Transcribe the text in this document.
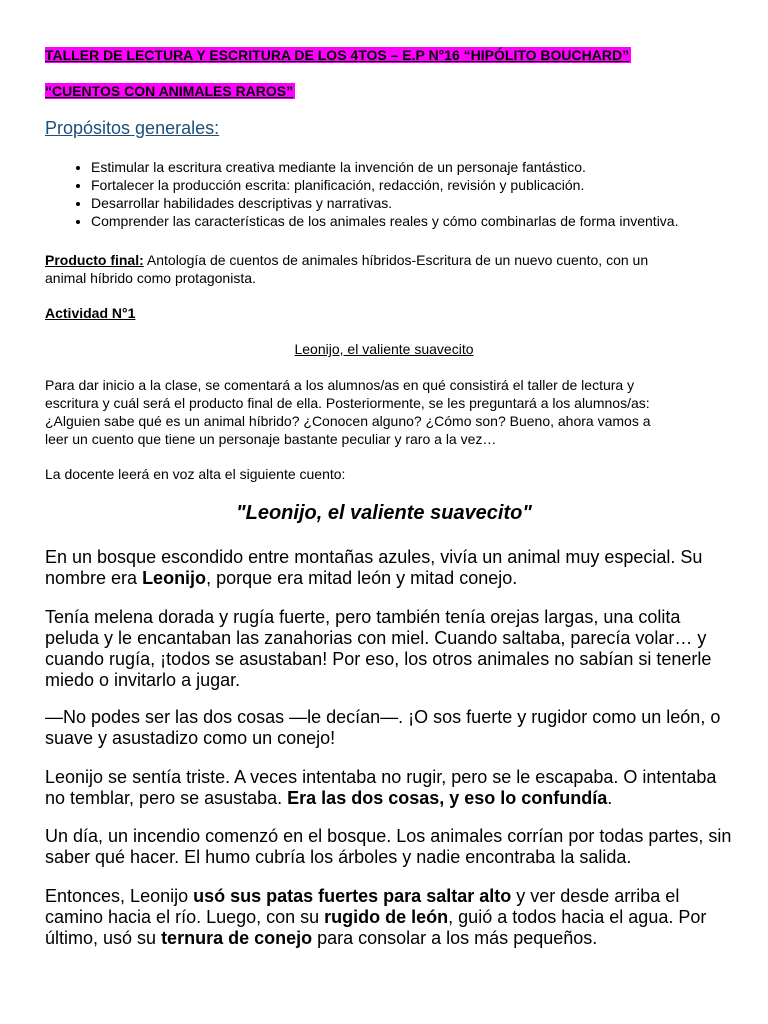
TALLER DE LECTURA Y ESCRITURA DE LOS 4TOS – E.P N°16 “HIPÓLITO BOUCHARD”
“CUENTOS CON ANIMALES RAROS”
Propósitos generales:
• Estimular la escritura creativa mediante la invención de un personaje fantástico.
• Fortalecer la producción escrita: planificación, redacción, revisión y publicación.
• Desarrollar habilidades descriptivas y narrativas.
• Comprender las características de los animales reales y cómo combinarlas de forma inventiva.
Producto final: Antología de cuentos de animales híbridos-Escritura de un nuevo cuento, con un
animal híbrido como protagonista.
Actividad N°1
Leonijo, el valiente suavecito
Para dar inicio a la clase, se comentará a los alumnos/as en qué consistirá el taller de lectura y
escritura y cuál será el producto final de ella. Posteriormente, se les preguntará a los alumnos/as:
¿Alguien sabe qué es un animal híbrido? ¿Conocen alguno? ¿Cómo son? Bueno, ahora vamos a
leer un cuento que tiene un personaje bastante peculiar y raro a la vez…
La docente leerá en voz alta el siguiente cuento:
"Leonijo, el valiente suavecito"

En un bosque escondido entre montañas azules, vivía un animal muy especial. Su

nombre era Leonijo, porque era mitad león y mitad conejo.

Tenía melena dorada y rugía fuerte, pero también tenía orejas largas, una colita

peluda y le encantaban las zanahorias con miel. Cuando saltaba, parecía volar… y

cuando rugía, ¡todos se asustaban! Por eso, los otros animales no sabían si tenerle

miedo o invitarlo a jugar.

—No podes ser las dos cosas —le decían—. ¡O sos fuerte y rugidor como un león, o

suave y asustadizo como un conejo!

Leonijo se sentía triste. A veces intentaba no rugir, pero se le escapaba. O intentaba

no temblar, pero se asustaba. Era las dos cosas, y eso lo confundía.

Un día, un incendio comenzó en el bosque. Los animales corrían por todas partes, sin

saber qué hacer. El humo cubría los árboles y nadie encontraba la salida.

Entonces, Leonijo usó sus patas fuertes para saltar alto y ver desde arriba el

camino hacia el río. Luego, con su rugido de león, guió a todos hacia el agua. Por

último, usó su ternura de conejo para consolar a los más pequeños.
